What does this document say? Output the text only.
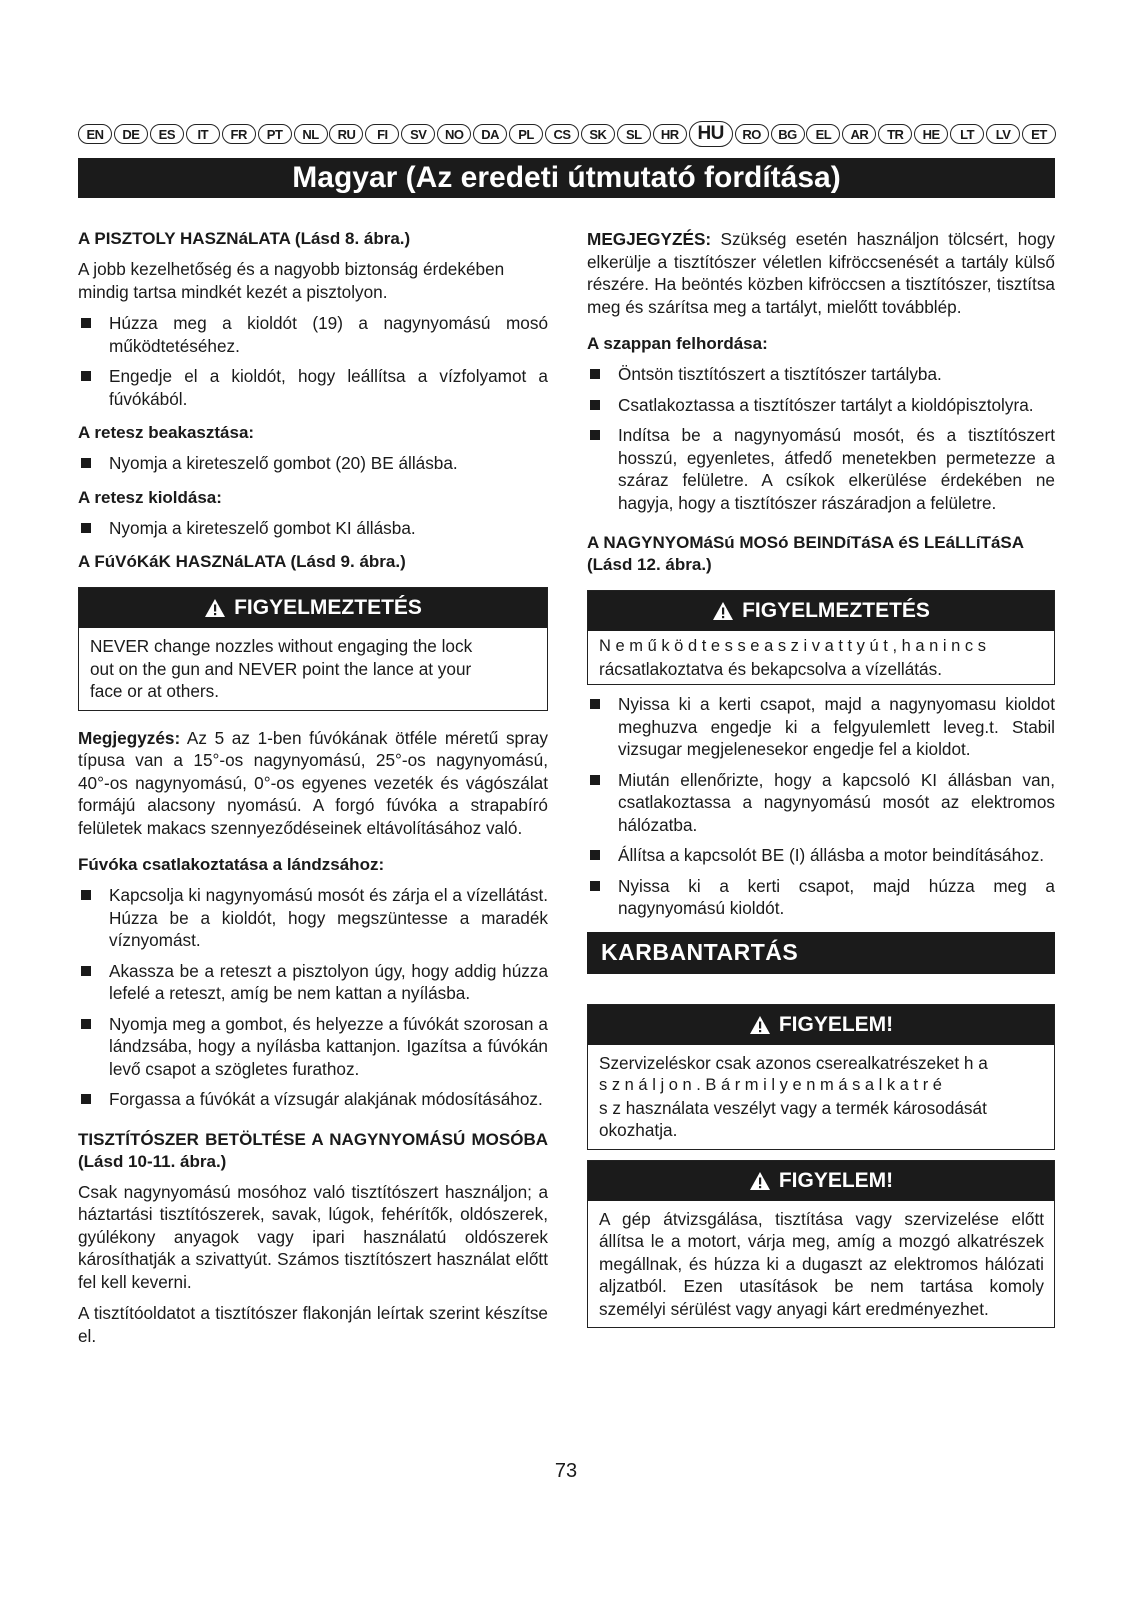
EN	DE	ES	IT	FR	PT	NL	RU	FI	SV	NO	DA	PL	CS	SK	SL	HR HU	RO	BG	EL	AR	TR	HE	LT	LV	ET
Magyar (Az eredeti útmutató fordítása)
A PISZTOLY HASZNáLATA (Lásd 8. ábra.)
A jobb kezelhetőség és a nagyobb biztonság érdekében mindig tartsa mindkét kezét a pisztolyon.
Húzza meg a kioldót (19) a nagynyomású mosó működtetéséhez.
Engedje el a kioldót, hogy leállítsa a vízfolyamot a fúvókából.
A retesz beakasztása:
Nyomja a kireteszelő gombot (20) BE állásba.
A retesz kioldása:
Nyomja a kireteszelő gombot KI állásba.
A FúVóKáK HASZNáLATA (Lásd 9. ábra.)
FIGYELMEZTETÉS
NEVER change nozzles without engaging the lock out on the gun and NEVER point the lance at your face or at others.
Megjegyzés: Az 5 az 1-ben fúvókának ötféle méretű spray típusa van a 15°-os nagynyomású, 25°-os nagynyomású, 40°-os nagynyomású, 0°-os egyenes vezeték és vágószálat formájú alacsony nyomású. A forgó fúvóka a strapabíró felületek makacs szennyeződéseinek eltávolításához való.
Fúvóka csatlakoztatása a lándzsához:
Kapcsolja ki nagynyomású mosót és zárja el a vízellátást. Húzza be a kioldót, hogy megszüntesse a maradék víznyomást.
Akassza be a reteszt a pisztolyon úgy, hogy addig húzza lefelé a reteszt, amíg be nem kattan a nyílásba.
Nyomja meg a gombot, és helyezze a fúvókát szorosan a lándzsába, hogy a nyílásba kattanjon. Igazítsa a fúvókán levő csapot a szögletes furathoz.
Forgassa a fúvókát a vízsugár alakjának módosításához.
TISZTÍTÓSZER BETÖLTÉSE A NAGYNYOMÁSÚ MOSÓBA (Lásd 10-11. ábra.)
Csak nagynyomású mosóhoz való tisztítószert használjon; a háztartási tisztítószerek, savak, lúgok, fehérítők, oldószerek, gyúlékony anyagok vagy ipari használatú oldószerek károsíthatják a szivattyút. Számos tisztítószert használat előtt fel kell keverni.
A tisztítóoldatot a tisztítószer flakonján leírtak szerint készítse el.
MEGJEGYZÉS: Szükség esetén használjon tölcsért, hogy elkerülje a tisztítószer véletlen kifröccsenését a tartály külső részére. Ha beöntés közben kifröccsen a tisztítószer, tisztítsa meg és szárítsa meg a tartályt, mielőtt továbblép.
A szappan felhordása:
Öntsön tisztítószert a tisztítószer tartályba.
Csatlakoztassa a tisztítószer tartályt a kioldópisztolyra.
Indítsa be a nagynyomású mosót, és a tisztítószert hosszú, egyenletes, átfedő menetekben permetezze a száraz felületre. A csíkok elkerülése érdekében ne hagyja, hogy a tisztítószer rászáradjon a felületre.
A NAGYNYOMáSú MOSó BEINDíTáSA éS LEáLLíTáSA (Lásd 12. ábra.)
FIGYELMEZTETÉS
N e m ű k ö d t e s s e a s z i v a t t y ú t , h a n i n c s
rácsatlakoztatva és bekapcsolva a vízellátás.
Nyissa ki a kerti csapot, majd a nagynyomasu kioldot meghuzva engedje ki a felgyulemlett leveg.t. Stabil vizsugar megjelenesekor engedje fel a kioldot.
Miután ellenőrizte, hogy a kapcsoló KI állásban van, csatlakoztassa a nagynyomású mosót az elektromos hálózatba.
Állítsa a kapcsolót BE (I) állásba a motor beindításához.
Nyissa ki a kerti csapot, majd húzza meg a nagynyomású kioldót.
KARBANTARTÁS
FIGYELEM!
Szervizeléskor csak azonos cserealkatrészeket h a
s z n á l j o n . B á r m i l y e n m á s a l k a t r é
s z használata veszélyt vagy a termék károsodását okozhatja.
FIGYELEM!
A gép átvizsgálása, tisztítása vagy szervizelése előtt állítsa le a motort, várja meg, amíg a mozgó alkatrészek megállnak, és húzza ki a dugaszt az elektromos hálózati aljzatból. Ezen utasítások be nem tartása komoly személyi sérülést vagy anyagi kárt eredményezhet.
73
